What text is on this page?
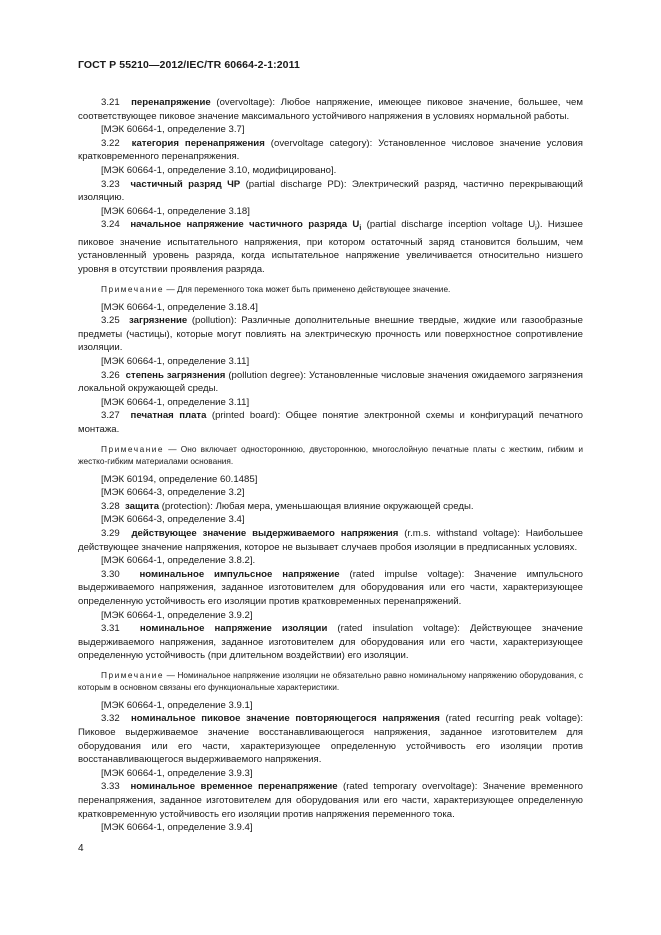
ГОСТ Р 55210—2012/IEC/TR 60664-2-1:2011

3.21 перенапряжение (overvoltage): Любое напряжение, имеющее пиковое значение, большее, чем соответствующее пиковое значение максимального устойчивого напряжения в условиях нормальной работы.

[МЭК 60664-1, определение 3.7]

3.22 категория перенапряжения (overvoltage category): Установленное числовое значение условия кратковременного перенапряжения.

[МЭК 60664-1, определение 3.10, модифицировано].

3.23 частичный разряд ЧР (partial discharge PD): Электрический разряд, частично перекрывающий изоляцию.

[МЭК 60664-1, определение 3.18]

3.24 начальное напряжение частичного разряда $U_i$ (partial discharge inception voltage $U_i$). Низшее пиковое значение испытательного напряжения, при котором остаточный заряд становится большим, чем установленный уровень разряда, когда испытательное напряжение увеличивается относительно низшего уровня в отсутствии проявления разряда.

Примечание — Для переменного тока может быть применено действующее значение.

[МЭК 60664-1, определение 3.18.4]

3.25 загрязнение (pollution): Различные дополнительные внешние твердые, жидкие или газообразные предметы (частицы), которые могут повлиять на электрическую прочность или поверхностное сопротивление изоляции.

[МЭК 60664-1, определение 3.11]

3.26 степень загрязнения (pollution degree): Установленные числовые значения ожидаемого загрязнения локальной окружающей среды.

[МЭК 60664-1, определение 3.11]

3.27 печатная плата (printed board): Общее понятие электронной схемы и конфигураций печатного монтажа.

Примечание — Оно включает одностороннюю, двустороннюю, многослойную печатные платы с жестким, гибким и жестко-гибким материалами основания.

[МЭК 60194, определение 60.1485]

[МЭК 60664-3, определение 3.2]

3.28 защита (protection): Любая мера, уменьшающая влияние окружающей среды.

[МЭК 60664-3, определение 3.4]

3.29 действующее значение выдерживаемого напряжения (r.m.s. withstand voltage): Наибольшее действующее значение напряжения, которое не вызывает случаев пробоя изоляции в предписанных условиях.

[МЭК 60664-1, определение 3.8.2].

3.30 номинальное импульсное напряжение (rated impulse voltage): Значение импульсного выдерживаемого напряжения, заданное изготовителем для оборудования или его части, характеризующее определенную устойчивость его изоляции против кратковременных перенапряжений.

[МЭК 60664-1, определение 3.9.2]

3.31 номинальное напряжение изоляции (rated insulation voltage): Действующее значение выдерживаемого напряжения, заданное изготовителем для оборудования или его части, характеризующее определенную устойчивость (при длительном воздействии) его изоляции.

Примечание — Номинальное напряжение изоляции не обязательно равно номинальному напряжению оборудования, с которым в основном связаны его функциональные характеристики.

[МЭК 60664-1, определение 3.9.1]

3.32 номинальное пиковое значение повторяющегося напряжения (rated recurring peak voltage): Пиковое выдерживаемое значение восстанавливающегося напряжения, заданное изготовителем для оборудования или его части, характеризующее определенную устойчивость его изоляции против восстанавливающегося выдерживаемого напряжения.

[МЭК 60664-1, определение 3.9.3]

3.33 номинальное временное перенапряжение (rated temporary overvoltage): Значение временного перенапряжения, заданное изготовителем для оборудования или его части, характеризующее определенную кратковременную устойчивость его изоляции против напряжения переменного тока.

[МЭК 60664-1, определение 3.9.4]

4
